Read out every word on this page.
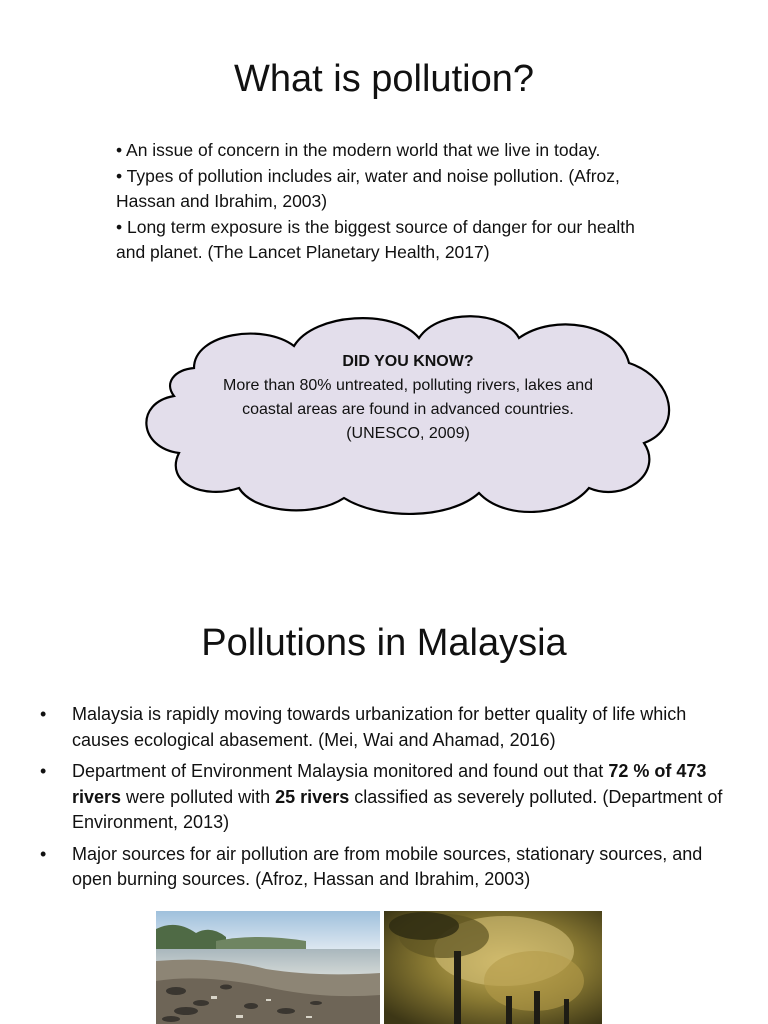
What is pollution?
• An issue of concern in the modern world that we live in today.
• Types of pollution includes air, water and noise pollution. (Afroz, Hassan and Ibrahim, 2003)
• Long term exposure is the biggest source of danger for our health and planet. (The Lancet Planetary Health, 2017)
DID YOU KNOW?
More than 80% untreated, polluting rivers, lakes and coastal areas are found in advanced countries. (UNESCO, 2009)
Pollutions in Malaysia
• Malaysia is rapidly moving towards urbanization for better quality of life which causes ecological abasement. (Mei, Wai and Ahamad, 2016)
• Department of Environment Malaysia monitored and found out that 72 % of 473 rivers were polluted with 25 rivers classified as severely polluted. (Department of Environment, 2013)
• Major sources for air pollution are from mobile sources, stationary sources, and open burning sources. (Afroz, Hassan and Ibrahim, 2003)
